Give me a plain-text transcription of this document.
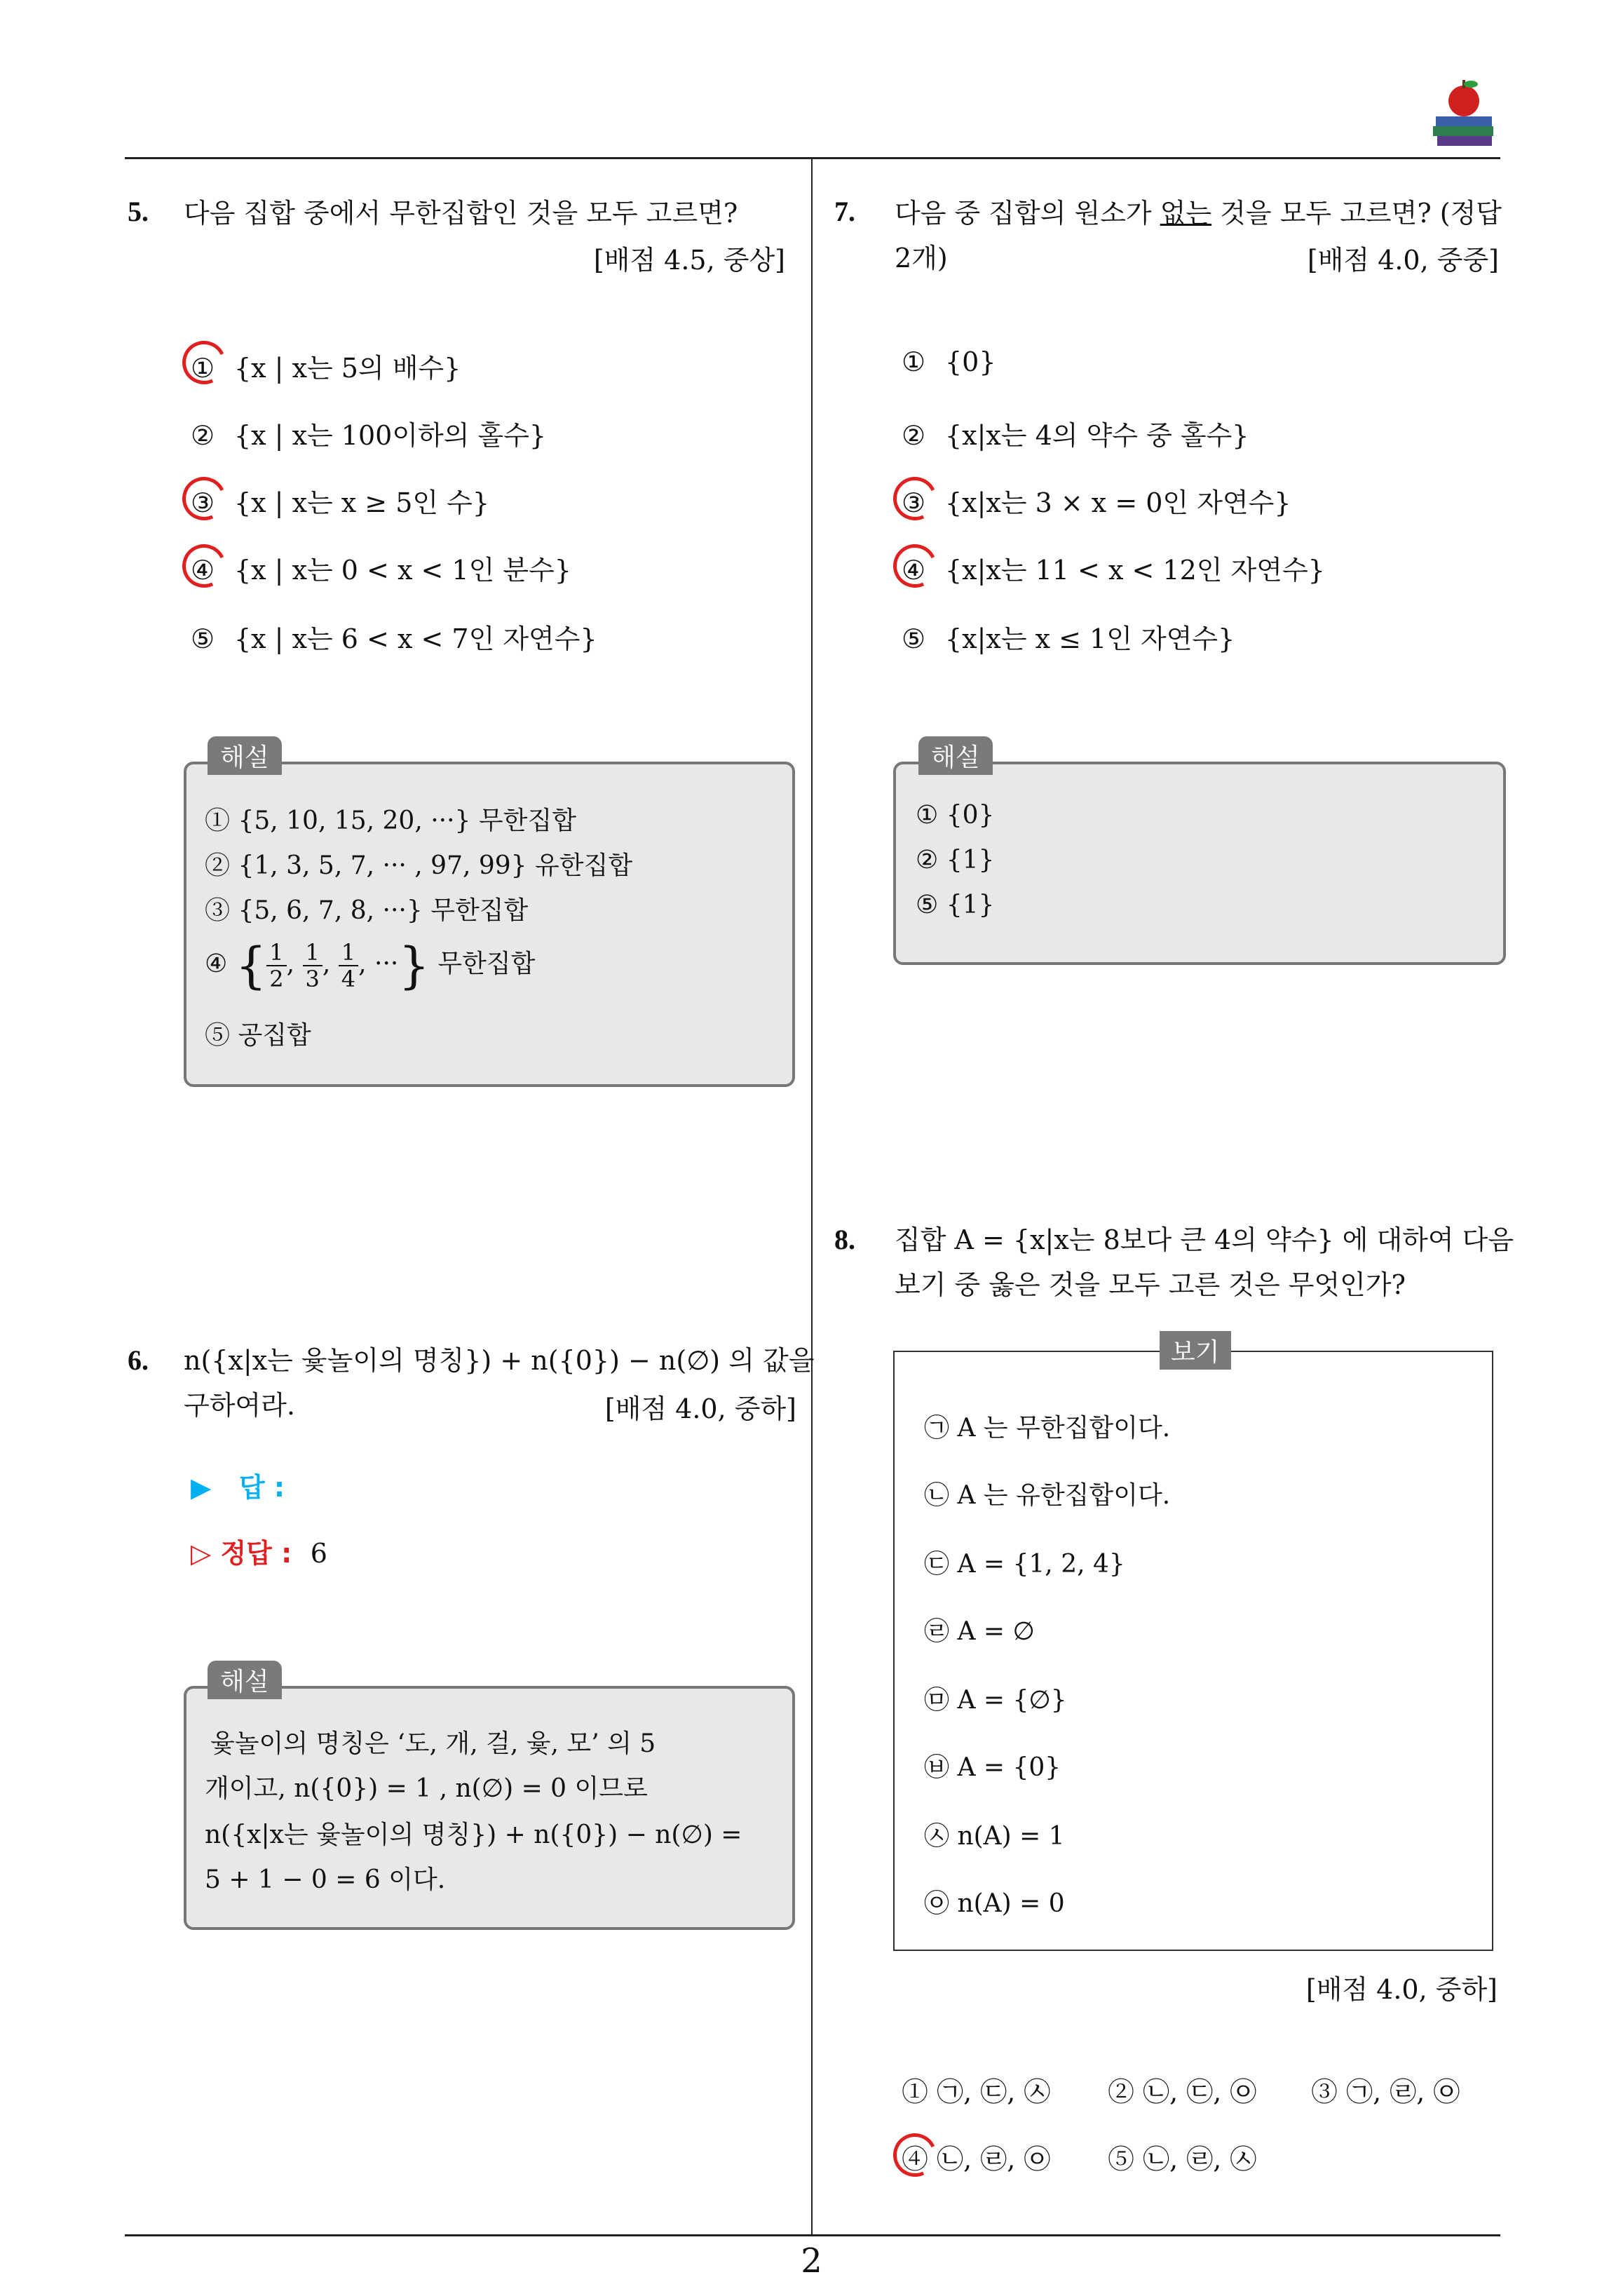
2
5. 다음 집합 중에서 무한집합인 것을 모두 고르면?
[배점 4.5, 중상]
① {x | x는 5의 배수}
② {x | x는 100이하의 홀수}
③ {x | x는 x ≥ 5인 수}
④ {x | x는 0 < x < 1인 분수}
⑤ {x | x는 6 < x < 7인 자연수}
해설
① {5, 10, 15, 20, ···} 무한집합
② {1, 3, 5, 7, ··· , 97, 99} 유한집합
③ {5, 6, 7, 8, ···} 무한집합
④ { $\frac{1}{2}$ , $\frac{1}{3}$ , $\frac{1}{4}$ , ···} 무한집합
⑤ 공집합
6. n({x|x는 윷놀이의 명칭}) + n({0}) − n(∅) 의 값을
구하여라.	[배점 4.0, 중하]
▶ 답 :
▷ 정답 : 6
해설
윷놀이의 명칭은 ‘도, 개, 걸, 윷, 모’ 의 5
개이고, n({0}) = 1 , n(∅) = 0 이므로
n({x|x는 윷놀이의 명칭}) + n({0}) − n(∅) =
5 + 1 − 0 = 6 이다.
7. 다음 중 집합의 원소가 없는 것을 모두 고르면? (정답
2개)	[배점 4.0, 중중]
① {0}
② {x|x는 4의 약수 중 홀수}
③ {x|x는 3 × x = 0인 자연수}
④ {x|x는 11 < x < 12인 자연수}
⑤ {x|x는 x ≤ 1인 자연수}
해설
① {0}
② {1}
⑤ {1}
8. 집합 A = {x|x는 8보다 큰 4의 약수} 에 대하여 다음
보기 중 옳은 것을 모두 고른 것은 무엇인가?
보기
㉠ A 는 무한집합이다.
㉡ A 는 유한집합이다.
㉢ A = {1, 2, 4}
㉣ A = ∅
㉤ A = {∅}
㉥ A = {0}
㉦ n(A) = 1
㉧ n(A) = 0
[배점 4.0, 중하]
① ㉠, ㉢, ㉦ ② ㉡, ㉢, ㉧ ③ ㉠, ㉣, ㉧
④ ㉡, ㉣, ㉧ ⑤ ㉡, ㉣, ㉦
